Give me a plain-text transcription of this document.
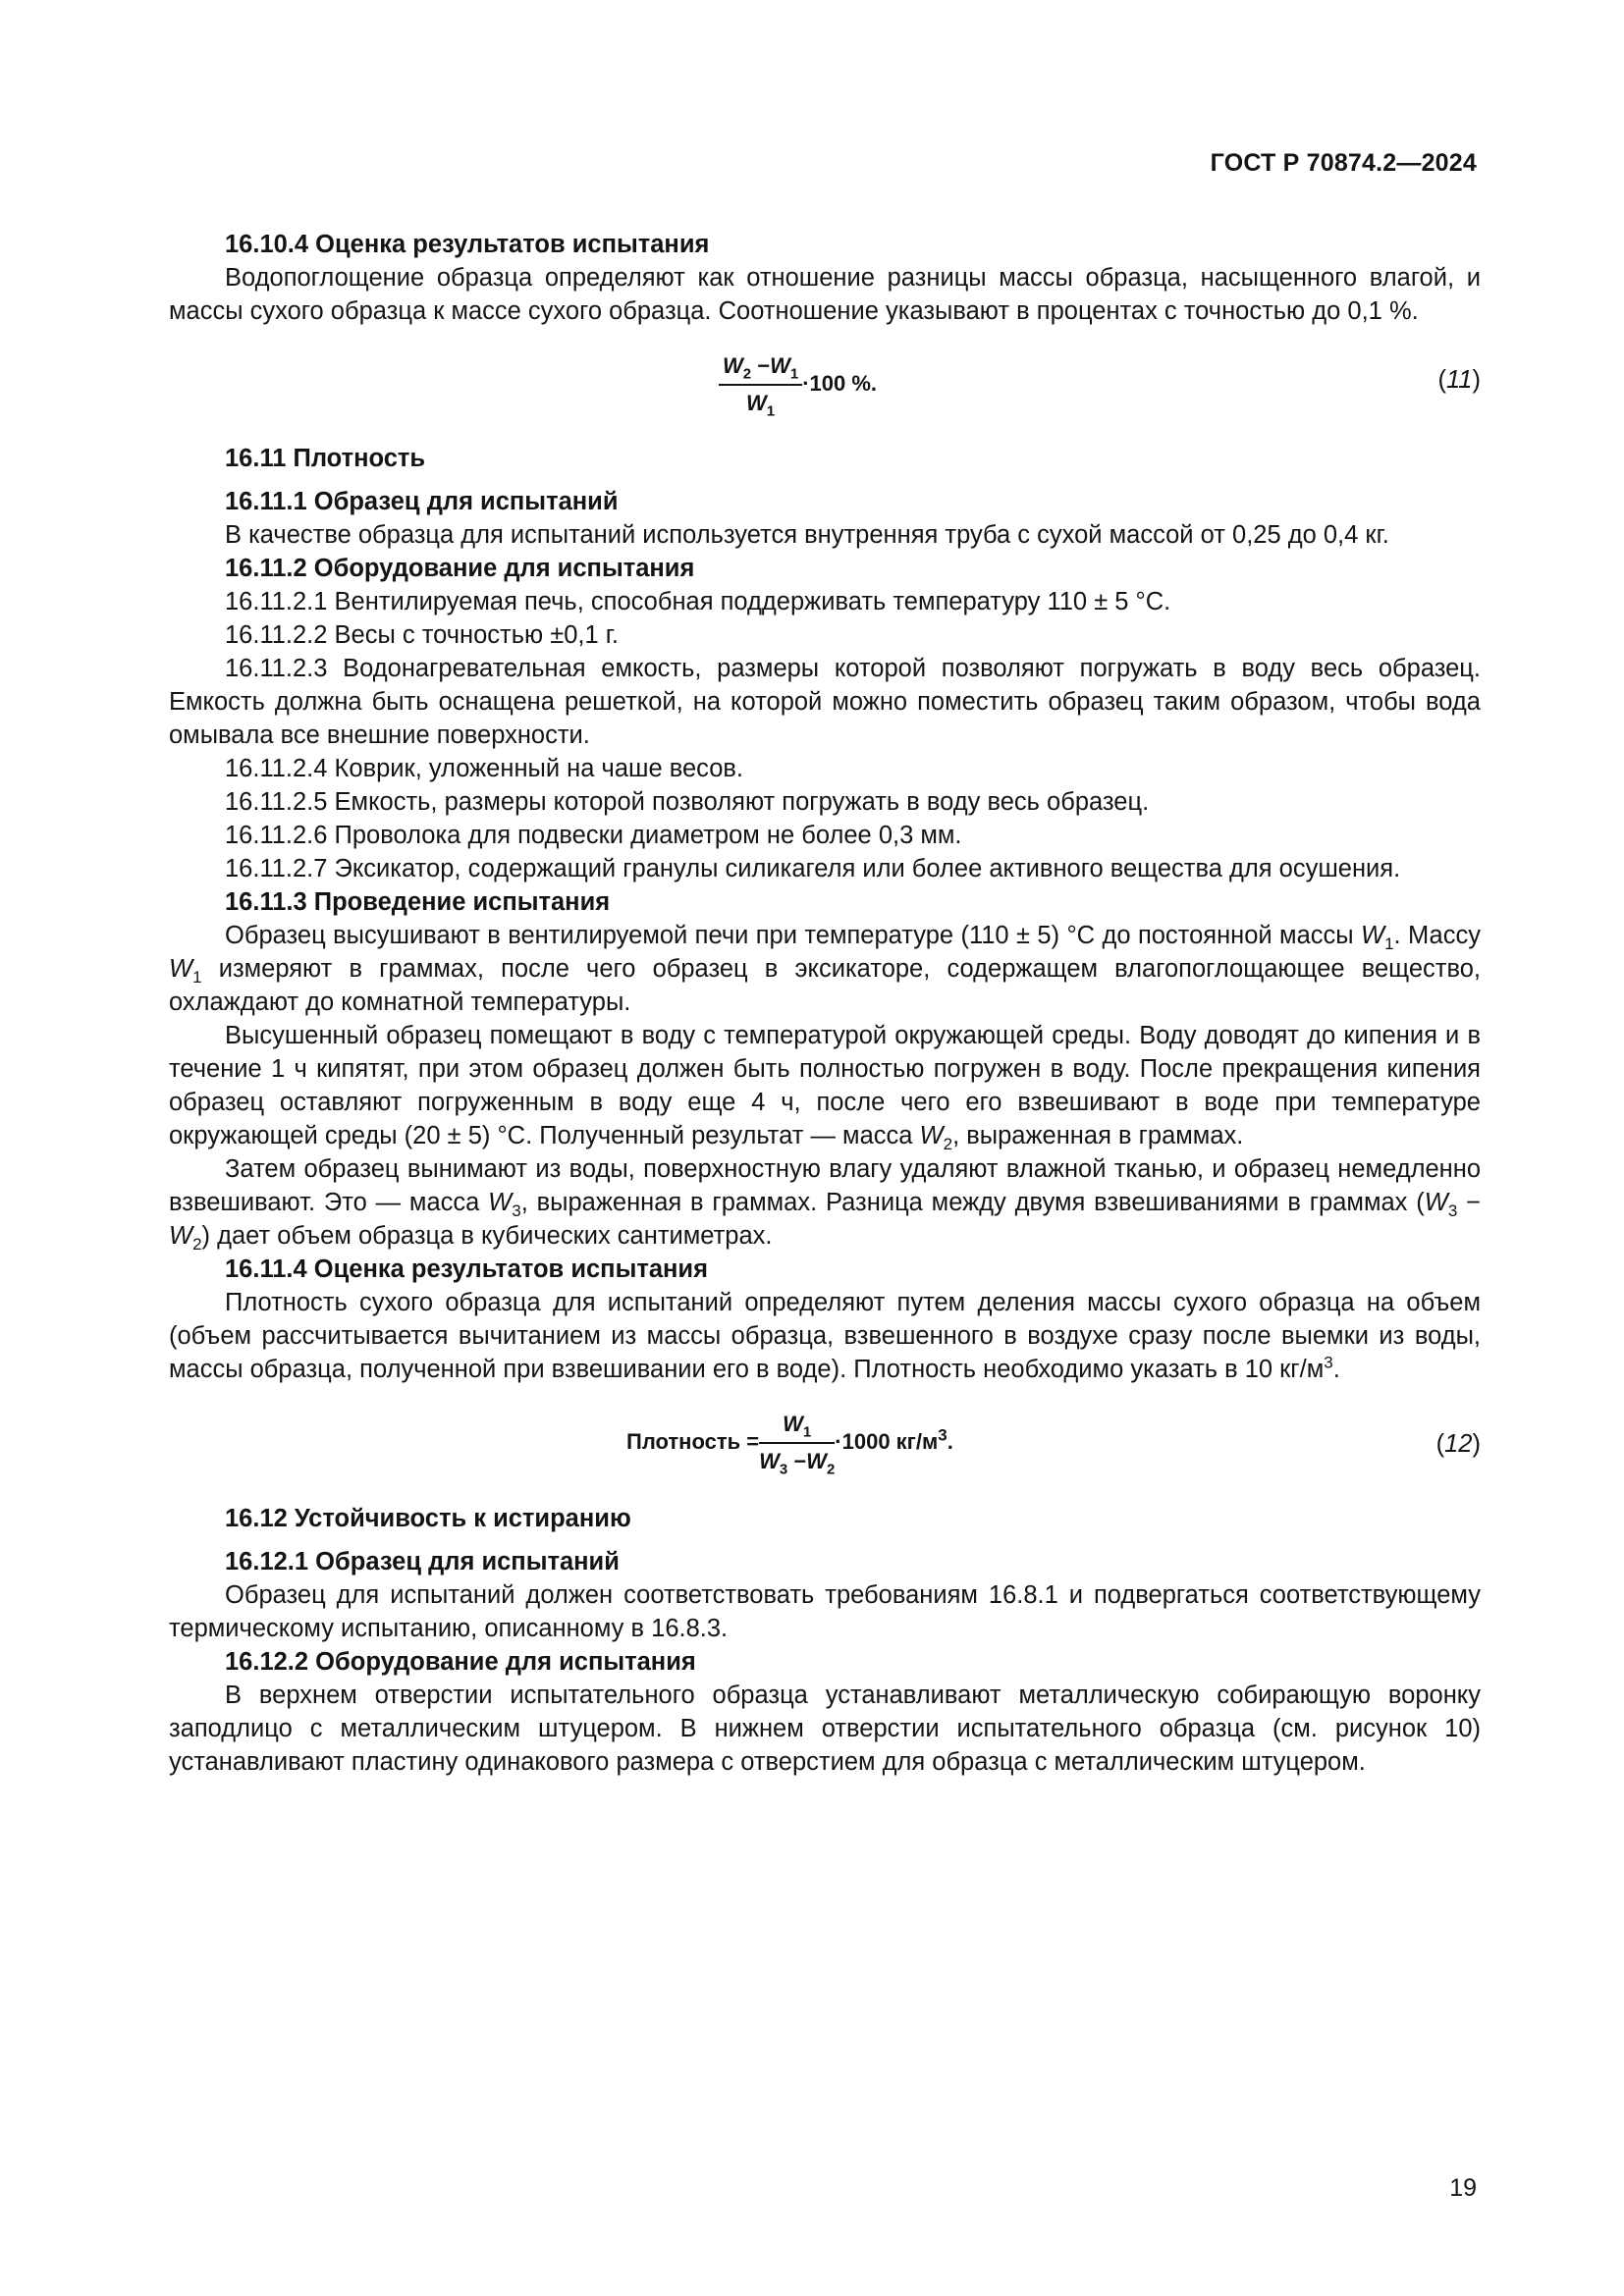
ГОСТ Р 70874.2—2024

16.10.4 Оценка результатов испытания

Водопоглощение образца определяют как отношение разницы массы образца, насыщенного влагой, и массы сухого образца к массе сухого образца. Соотношение указывают в процентах с точностью до 0,1 %.

$\frac{W_2 -W_1}{W_1} \cdot 100$ %.	(11)

16.11 Плотность

16.11.1 Образец для испытаний

В качестве образца для испытаний используется внутренняя труба с сухой массой от 0,25 до 0,4 кг.

16.11.2 Оборудование для испытания

16.11.2.1 Вентилируемая печь, способная поддерживать температуру 110 ± 5 °С.

16.11.2.2 Весы с точностью ±0,1 г.

16.11.2.3 Водонагревательная емкость, размеры которой позволяют погружать в воду весь образец. Емкость должна быть оснащена решеткой, на которой можно поместить образец таким образом, чтобы вода омывала все внешние поверхности.

16.11.2.4 Коврик, уложенный на чаше весов.

16.11.2.5 Емкость, размеры которой позволяют погружать в воду весь образец.

16.11.2.6 Проволока для подвески диаметром не более 0,3 мм.

16.11.2.7 Эксикатор, содержащий гранулы силикагеля или более активного вещества для осушения.

16.11.3 Проведение испытания

Образец высушивают в вентилируемой печи при температуре (110 ± 5) °С до постоянной массы $W_1$. Массу $W_1$ измеряют в граммах, после чего образец в эксикаторе, содержащем влагопоглощающее вещество, охлаждают до комнатной температуры.

Высушенный образец помещают в воду с температурой окружающей среды. Воду доводят до кипения и в течение 1 ч кипятят, при этом образец должен быть полностью погружен в воду. После прекращения кипения образец оставляют погруженным в воду еще 4 ч, после чего его взвешивают в воде при температуре окружающей среды (20 ± 5) °С. Полученный результат — масса $W_2$, выраженная в граммах.

Затем образец вынимают из воды, поверхностную влагу удаляют влажной тканью, и образец немедленно взвешивают. Это — масса $W_3$, выраженная в граммах. Разница между двумя взвешиваниями в граммах $(W_3 - W_2)$ дает объем образца в кубических сантиметрах.

16.11.4 Оценка результатов испытания

Плотность сухого образца для испытаний определяют путем деления массы сухого образца на объем (объем рассчитывается вычитанием из массы образца, взвешенного в воздухе сразу после выемки из воды, массы образца, полученной при взвешивании его в воде). Плотность необходимо указать в 10 $кг/м^3$.

Плотность = $\frac{W_1}{W_3 -W_2} \cdot 1000$ $кг/м^3$.	(12)

16.12 Устойчивость к истиранию

16.12.1 Образец для испытаний

Образец для испытаний должен соответствовать требованиям 16.8.1 и подвергаться соответствующему термическому испытанию, описанному в 16.8.3.

16.12.2 Оборудование для испытания

В верхнем отверстии испытательного образца устанавливают металлическую собирающую воронку заподлицо с металлическим штуцером. В нижнем отверстии испытательного образца (см. рисунок 10) устанавливают пластину одинакового размера с отверстием для образца с металлическим штуцером.

19
